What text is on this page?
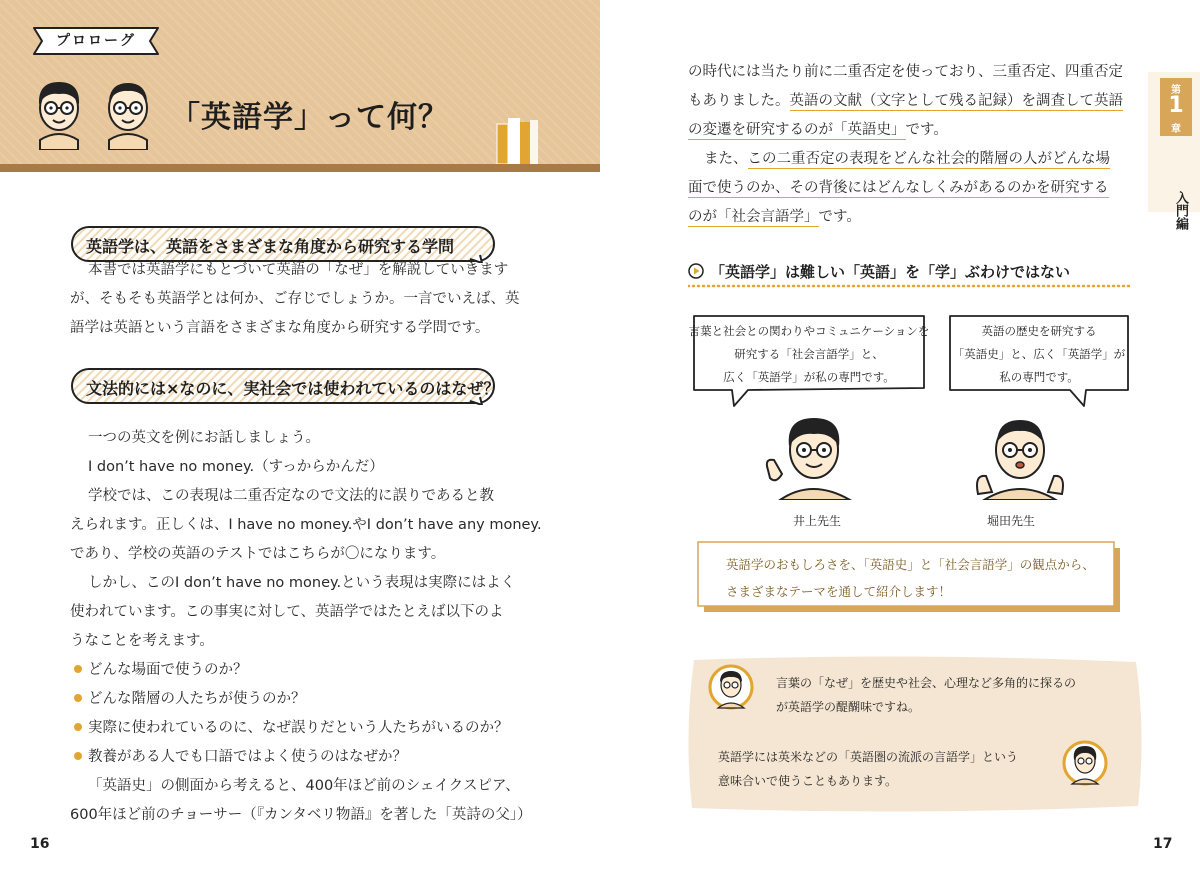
プロローグ
「英語学」って何？
英語学は、英語をさまざまな角度から研究する学問
本書では英語学にもとづいて英語の「なぜ」を解説していきます
が、そもそも英語学とは何か、ご存じでしょうか。一言でいえば、英
語学は英語という言語をさまざまな角度から研究する学問です。
文法的には×なのに、実社会では使われているのはなぜ？
一つの英文を例にお話しましょう。
I don’t have no money.（すっからかんだ）
学校では、この表現は二重否定なので文法的に誤りであると教
えられます。正しくは、I have no money.やI don’t have any money.
であり、学校の英語のテストではこちらが〇になります。
しかし、このI don’t have no money.という表現は実際にはよく
使われています。この事実に対して、英語学ではたとえば以下のよ
うなことを考えます。
どんな場面で使うのか？
どんな階層の人たちが使うのか？
実際に使われているのに、なぜ誤りだという人たちがいるのか？
教養がある人でも口語ではよく使うのはなぜか？
「英語史」の側面から考えると、400年ほど前のシェイクスピア、
600年ほど前のチョーサー（『カンタベリ物語』を著した「英詩の父」）
16
の時代には当たり前に二重否定を使っており、三重否定、四重否定
もありました。英語の文献（文字として残る記録）を調査して英語
の変遷を研究するのが「英語史」です。
また、この二重否定の表現をどんな社会的階層の人がどんな場
面で使うのか、その背後にはどんなしくみがあるのかを研究する
のが「社会言語学」です。
第
1
章
入門編
「英語学」は難しい「英語」を「学」ぶわけではない
言葉と社会との関わりやコミュニケーションを
研究する「社会言語学」と、
広く「英語学」が私の専門です。
英語の歴史を研究する
「英語史」と、広く「英語学」が
私の専門です。
井上先生	堀田先生
英語学のおもしろさを、「英語史」と「社会言語学」の観点から、
さまざまなテーマを通して紹介します！
言葉の「なぜ」を歴史や社会、心理など多角的に探るの
が英語学の醍醐味ですね。
英語学には英米などの「英語圏の流派の言語学」という
意味合いで使うこともあります。
17
